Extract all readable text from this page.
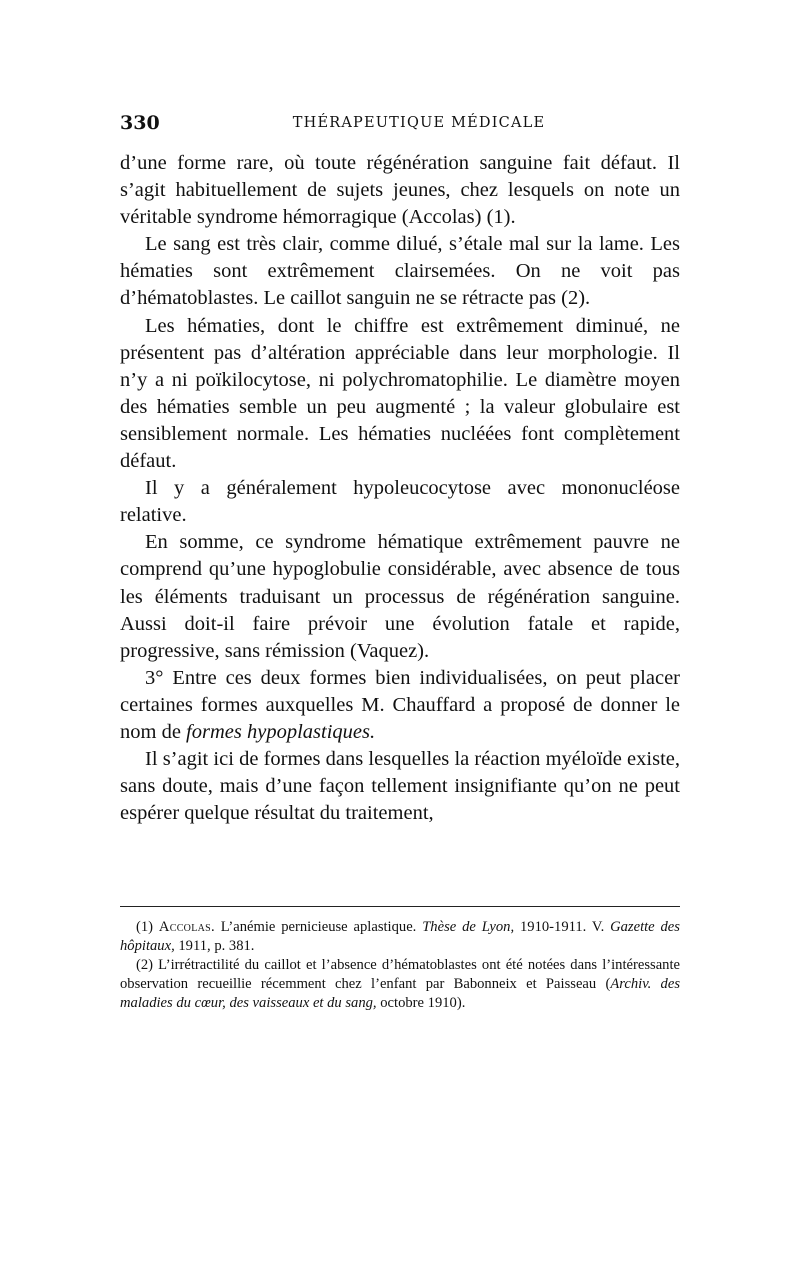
330	THÉRAPEUTIQUE MÉDICALE

d’une forme rare, où toute régénération sanguine fait défaut. Il s’agit habituellement de sujets jeunes, chez lesquels on note un véritable syndrome hémorragique (Accolas) (1).

Le sang est très clair, comme dilué, s’étale mal sur la lame. Les hématies sont extrêmement clairsemées. On ne voit pas d’hématoblastes. Le caillot sanguin ne se rétracte pas (2).

Les hématies, dont le chiffre est extrêmement diminué, ne présentent pas d’altération appréciable dans leur morphologie. Il n’y a ni poïkilocytose, ni polychromatophilie. Le diamètre moyen des hématies semble un peu augmenté ; la valeur globulaire est sensiblement normale. Les hématies nucléées font complètement défaut.

Il y a généralement hypoleucocytose avec mononucléose relative.

En somme, ce syndrome hématique extrêmement pauvre ne comprend qu’une hypoglobulie considérable, avec absence de tous les éléments traduisant un processus de régénération sanguine. Aussi doit-il faire prévoir une évolution fatale et rapide, progressive, sans rémission (Vaquez).

3° Entre ces deux formes bien individualisées, on peut placer certaines formes auxquelles M. Chauffard a proposé de donner le nom de formes hypoplastiques.

Il s’agit ici de formes dans lesquelles la réaction myéloïde existe, sans doute, mais d’une façon tellement insignifiante qu’on ne peut espérer quelque résultat du traitement,

(1) Accolas. L’anémie pernicieuse aplastique. Thèse de Lyon, 1910-1911. V. Gazette des hôpitaux, 1911, p. 381.

(2) L’irrétractilité du caillot et l’absence d’hématoblastes ont été notées dans l’intéressante observation recueillie récemment chez l’enfant par Babonneix et Paisseau (Archiv. des maladies du cœur, des vaisseaux et du sang, octobre 1910).
